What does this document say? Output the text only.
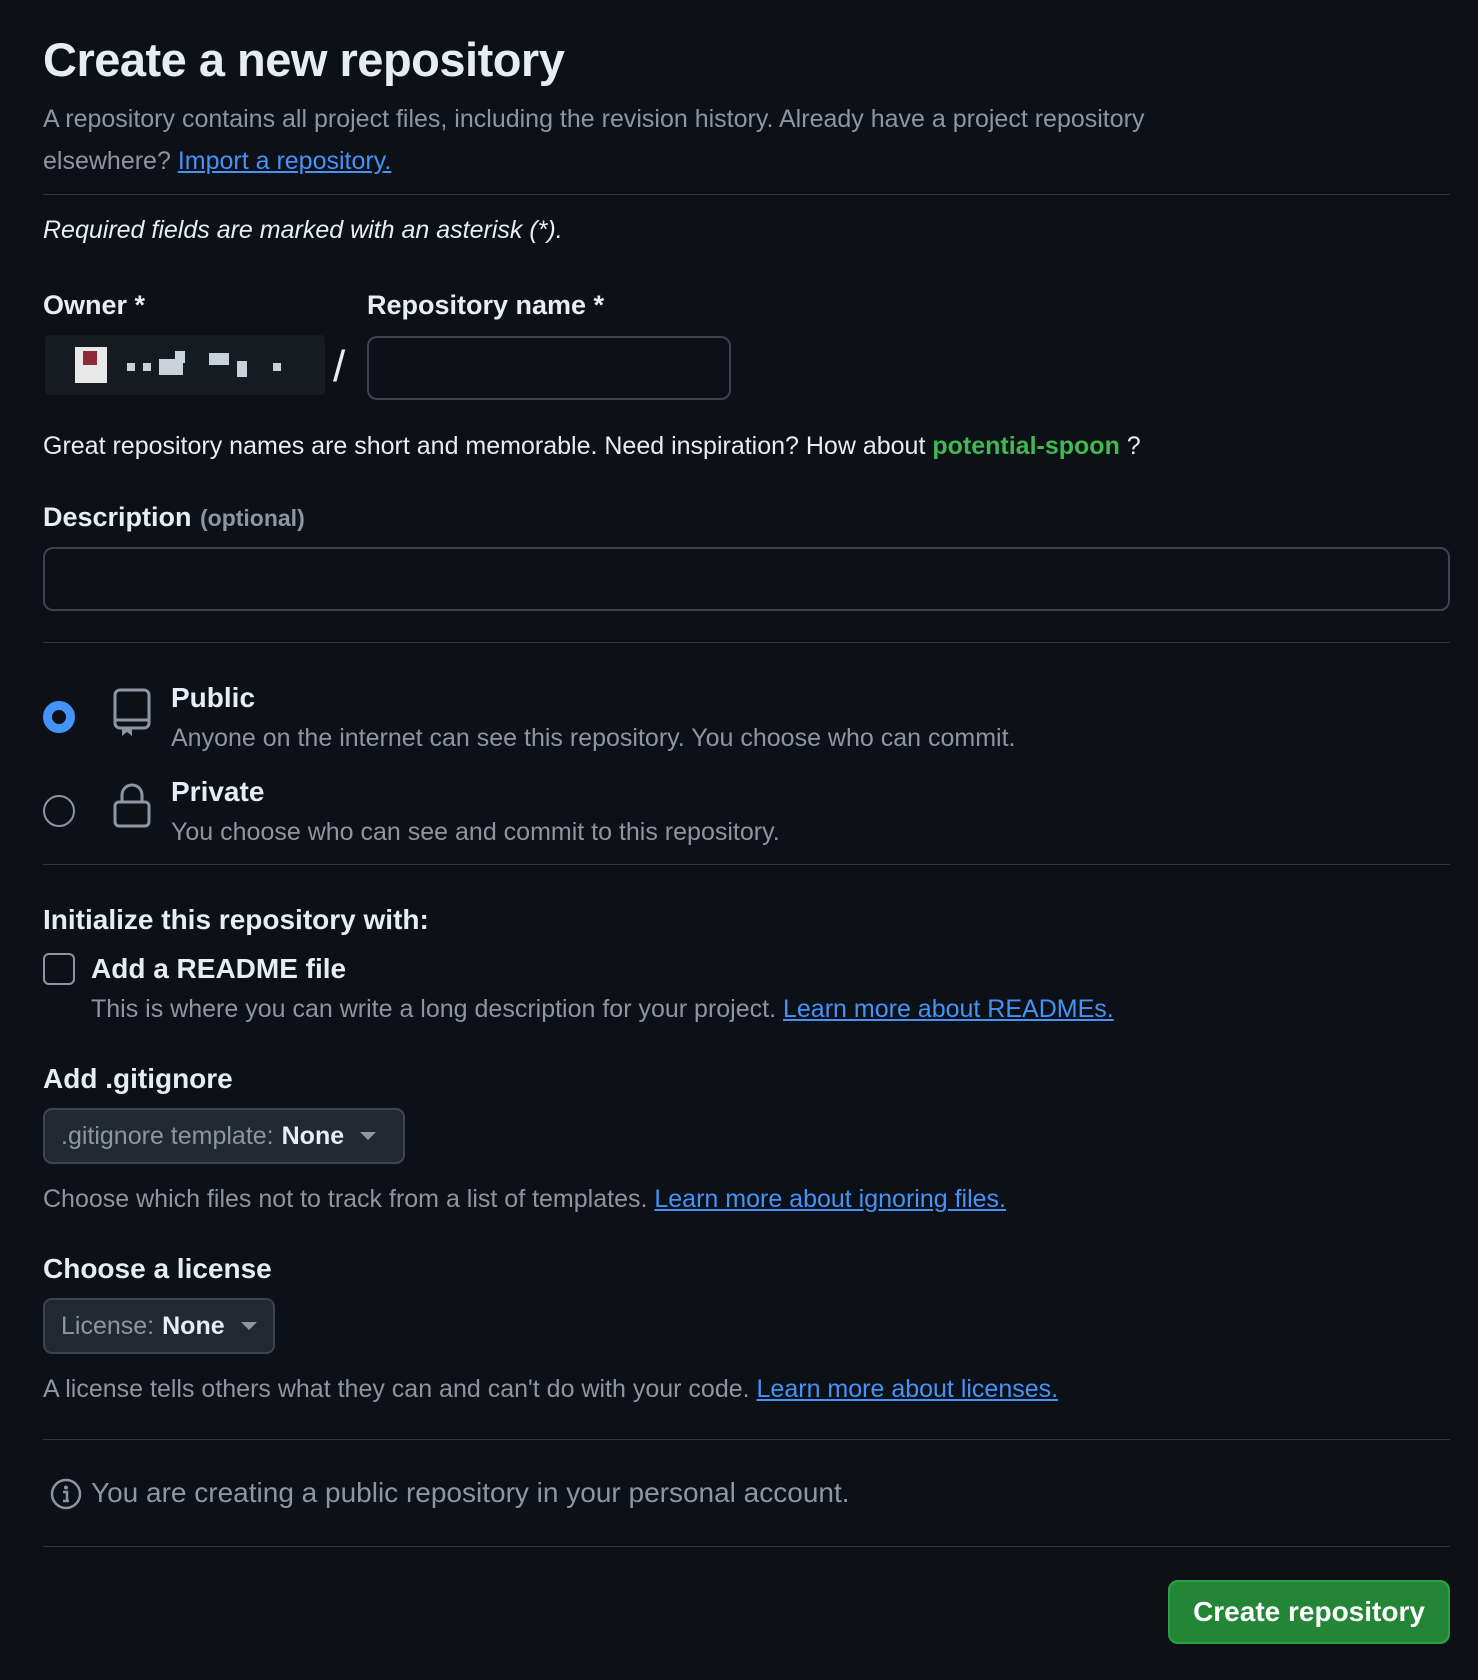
Create a new repository
A repository contains all project files, including the revision history. Already have a project repository
elsewhere? Import a repository.
Required fields are marked with an asterisk (*).
Owner *
/
Repository name *
Great repository names are short and memorable. Need inspiration? How about potential-spoon ?
Description (optional)
Public
Anyone on the internet can see this repository. You choose who can commit.
Private
You choose who can see and commit to this repository.
Initialize this repository with:
Add a README file
This is where you can write a long description for your project. Learn more about READMEs.
Add .gitignore
.gitignore template: None
Choose which files not to track from a list of templates. Learn more about ignoring files.
Choose a license
License: None
A license tells others what they can and can't do with your code. Learn more about licenses.
You are creating a public repository in your personal account.
Create repository
